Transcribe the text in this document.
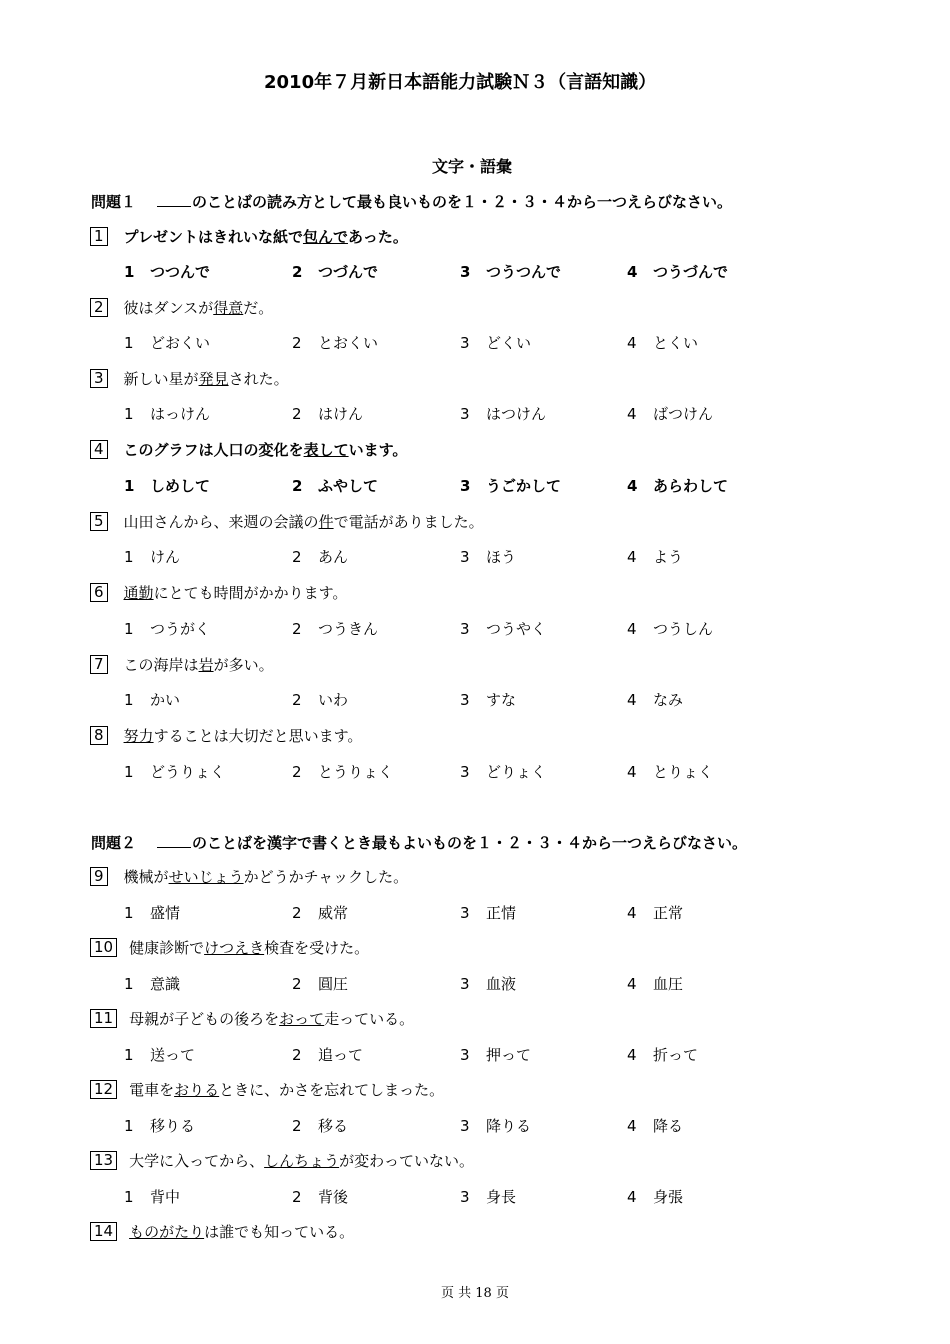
2010年７月新日本語能力試験Ｎ３（言語知識）
文字・語彙
問題１	のことばの読み方として最も良いものを１・２・３・４から一つえらびなさい。
問題２	のことばを漢字で書くとき最もよいものを１・２・３・４から一つえらびなさい。
1 プレゼントはきれいな紙で 包んで あった。
1 つつんで	2 つづんで	3 つうつんで	4 つうづんで
2 彼はダンスが 得意 だ。
1 どおくい	2 とおくい	3 どくい	4 とくい
3 新しい星が 発見 された。
1 はっけん	2 はけん	3 はつけん	4 ばつけん
4 このグラフは人口の変化を 表して います。
1 しめして	2 ふやして	3 うごかして	4 あらわして
5 山田さんから、来週の会議の 件 で電話がありました。
1 けん	2 あん	3 ほう	4 よう
6 通勤 にとても時間がかかります。
1 つうがく	2 つうきん	3 つうやく	4 つうしん
7 この海岸は 岩 が多い。
1 かい	2 いわ	3 すな	4 なみ
8 努力 することは大切だと思います。
1 どうりょく	2 とうりょく	3 どりょく	4 とりょく
9 機械が せいじょう かどうかチャックした。
1 盛情	2 威常	3 正情	4 正常
10 健康診断で けつえき 検査を受けた。
1 意識	2 圓圧	3 血液	4 血圧
11 母親が子どもの後ろを おって 走っている。
1 送って	2 追って	3 押って	4 折って
12 電車を おりる ときに、かさを忘れてしまった。
1 移りる	2 移る	3 降りる	4 降る
13 大学に入ってから、 しんちょう が変わっていない。
1 背中	2 背後	3 身長	4 身張
14 ものがたり は誰でも知っている。
页 共 18 页
